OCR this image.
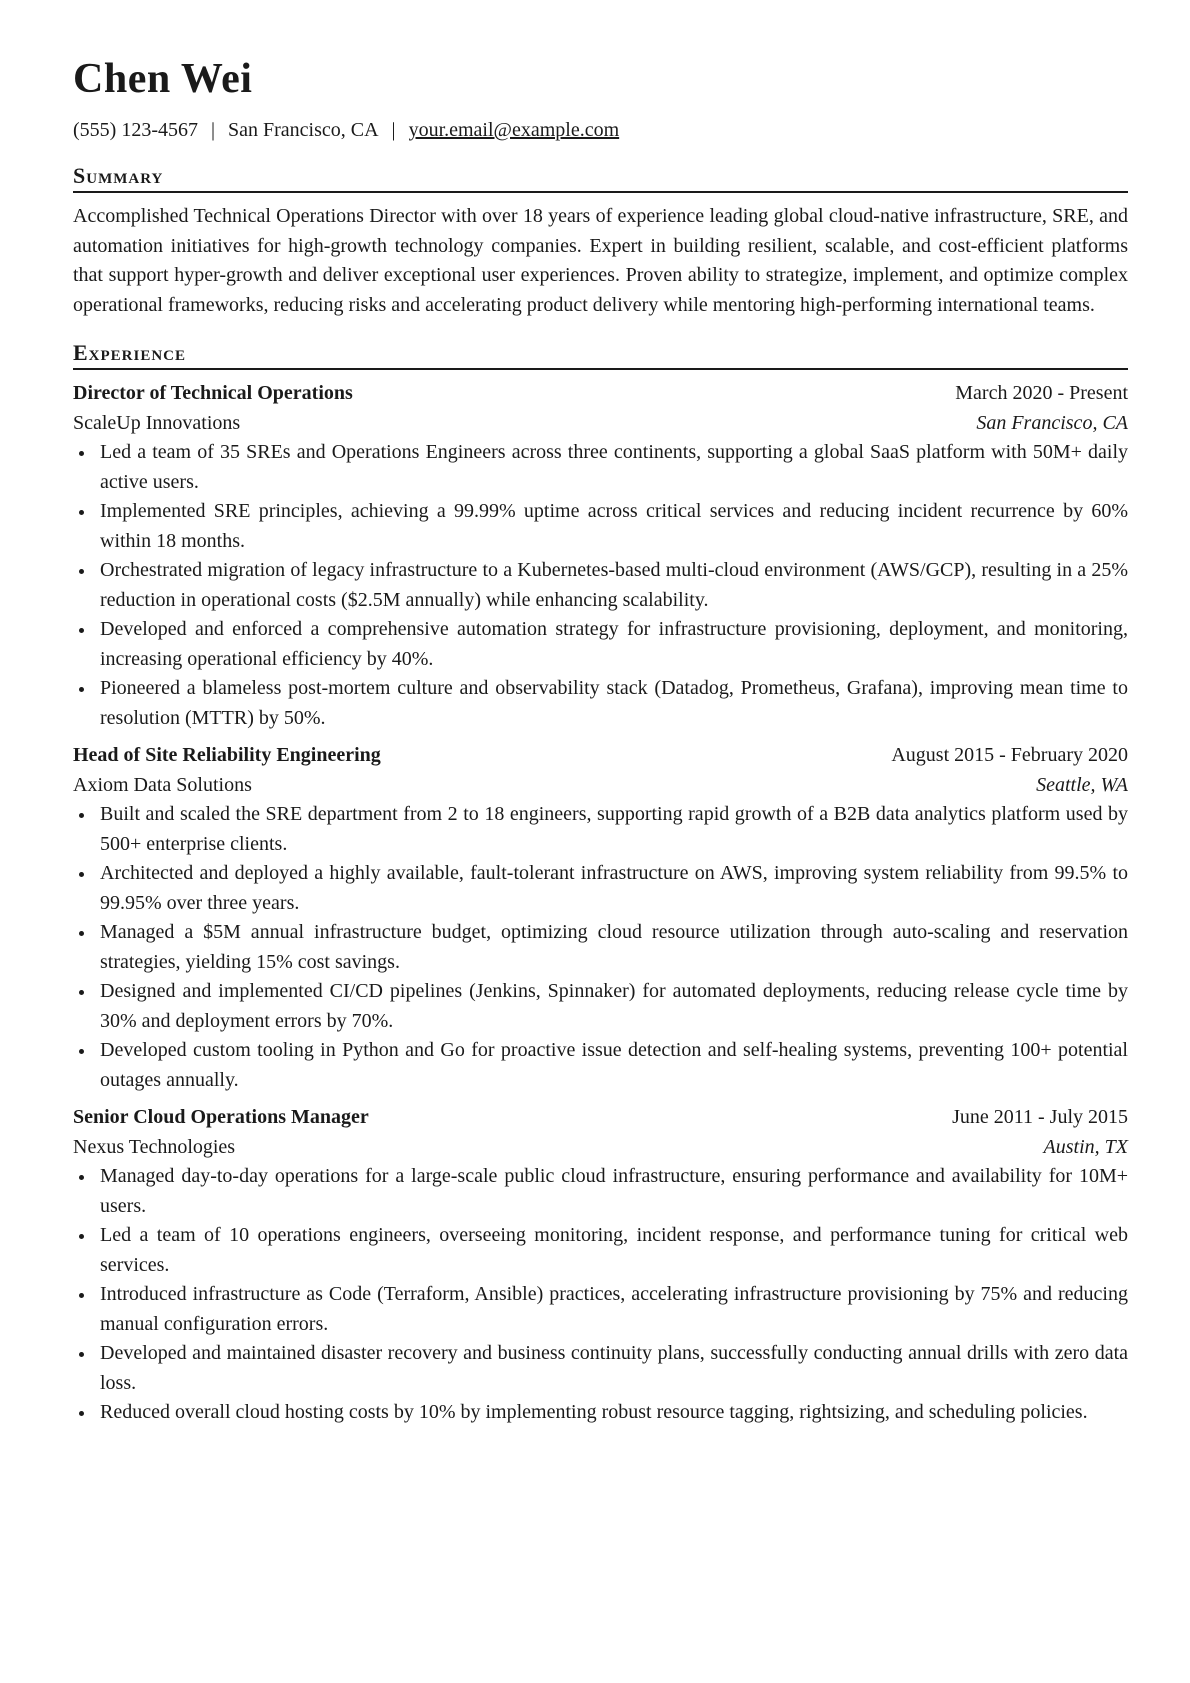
Chen Wei
(555) 123-4567 | San Francisco, CA | your.email@example.com
Summary
Accomplished Technical Operations Director with over 18 years of experience leading global cloud-native infrastructure, SRE, and automation initiatives for high-growth technology companies. Expert in building resilient, scalable, and cost-efficient platforms that support hyper-growth and deliver exceptional user experiences. Proven ability to strategize, implement, and optimize complex operational frameworks, reducing risks and accelerating product delivery while mentoring high-performing international teams.
Experience
Director of Technical Operations	March 2020 - Present
ScaleUp Innovations	San Francisco, CA
Led a team of 35 SREs and Operations Engineers across three continents, supporting a global SaaS platform with 50M+ daily active users.
Implemented SRE principles, achieving a 99.99% uptime across critical services and reducing incident recurrence by 60% within 18 months.
Orchestrated migration of legacy infrastructure to a Kubernetes-based multi-cloud environment (AWS/GCP), resulting in a 25% reduction in operational costs ($2.5M annually) while enhancing scalability.
Developed and enforced a comprehensive automation strategy for infrastructure provisioning, deployment, and monitoring, increasing operational efficiency by 40%.
Pioneered a blameless post-mortem culture and observability stack (Datadog, Prometheus, Grafana), improving mean time to resolution (MTTR) by 50%.
Head of Site Reliability Engineering	August 2015 - February 2020
Axiom Data Solutions	Seattle, WA
Built and scaled the SRE department from 2 to 18 engineers, supporting rapid growth of a B2B data analytics platform used by 500+ enterprise clients.
Architected and deployed a highly available, fault-tolerant infrastructure on AWS, improving system reliability from 99.5% to 99.95% over three years.
Managed a $5M annual infrastructure budget, optimizing cloud resource utilization through auto-scaling and reservation strategies, yielding 15% cost savings.
Designed and implemented CI/CD pipelines (Jenkins, Spinnaker) for automated deployments, reducing release cycle time by 30% and deployment errors by 70%.
Developed custom tooling in Python and Go for proactive issue detection and self-healing systems, preventing 100+ potential outages annually.
Senior Cloud Operations Manager	June 2011 - July 2015
Nexus Technologies	Austin, TX
Managed day-to-day operations for a large-scale public cloud infrastructure, ensuring performance and availability for 10M+ users.
Led a team of 10 operations engineers, overseeing monitoring, incident response, and performance tuning for critical web services.
Introduced infrastructure as Code (Terraform, Ansible) practices, accelerating infrastructure provisioning by 75% and reducing manual configuration errors.
Developed and maintained disaster recovery and business continuity plans, successfully conducting annual drills with zero data loss.
Reduced overall cloud hosting costs by 10% by implementing robust resource tagging, rightsizing, and scheduling policies.
